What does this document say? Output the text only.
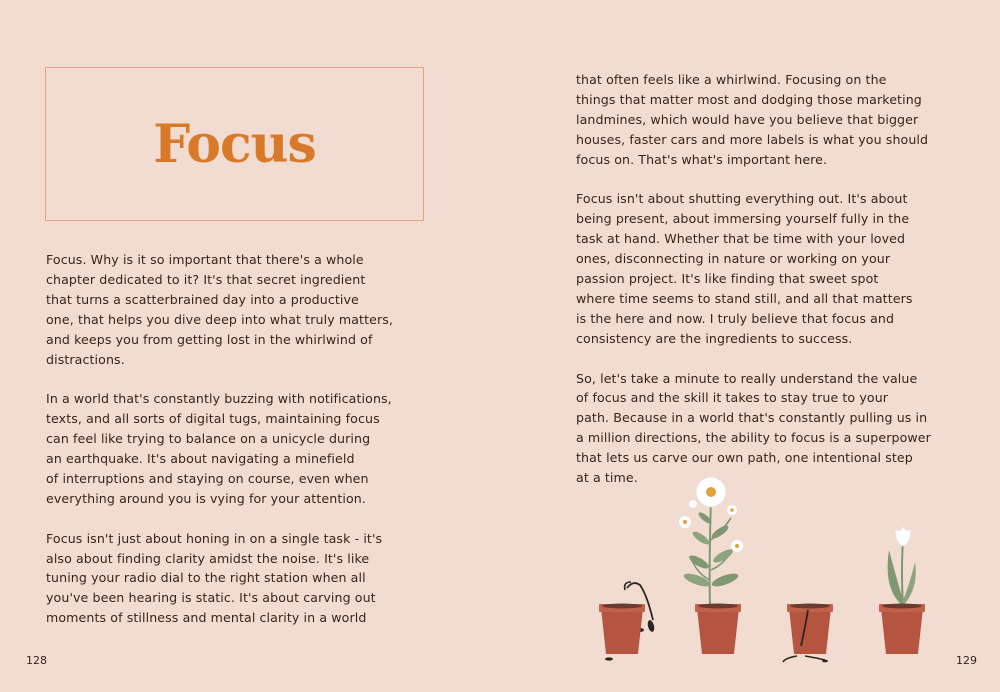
Focus

Focus. Why is it so important that there's a whole
chapter dedicated to it? It's that secret ingredient
that turns a scatterbrained day into a productive
one, that helps you dive deep into what truly matters,
and keeps you from getting lost in the whirlwind of
distractions.

In a world that's constantly buzzing with notifications,
texts, and all sorts of digital tugs, maintaining focus
can feel like trying to balance on a unicycle during
an earthquake. It's about navigating a minefield
of interruptions and staying on course, even when
everything around you is vying for your attention.

Focus isn't just about honing in on a single task - it's
also about finding clarity amidst the noise. It's like
tuning your radio dial to the right station when all
you've been hearing is static. It's about carving out
moments of stillness and mental clarity in a world

that often feels like a whirlwind. Focusing on the
things that matter most and dodging those marketing
landmines, which would have you believe that bigger
houses, faster cars and more labels is what you should
focus on. That's what's important here.

Focus isn't about shutting everything out. It's about
being present, about immersing yourself fully in the
task at hand. Whether that be time with your loved
ones, disconnecting in nature or working on your
passion project. It's like finding that sweet spot
where time seems to stand still, and all that matters
is the here and now. I truly believe that focus and
consistency are the ingredients to success.

So, let's take a minute to really understand the value
of focus and the skill it takes to stay true to your
path. Because in a world that's constantly pulling us in
a million directions, the ability to focus is a superpower
that lets us carve our own path, one intentional step
at a time.

128	129
